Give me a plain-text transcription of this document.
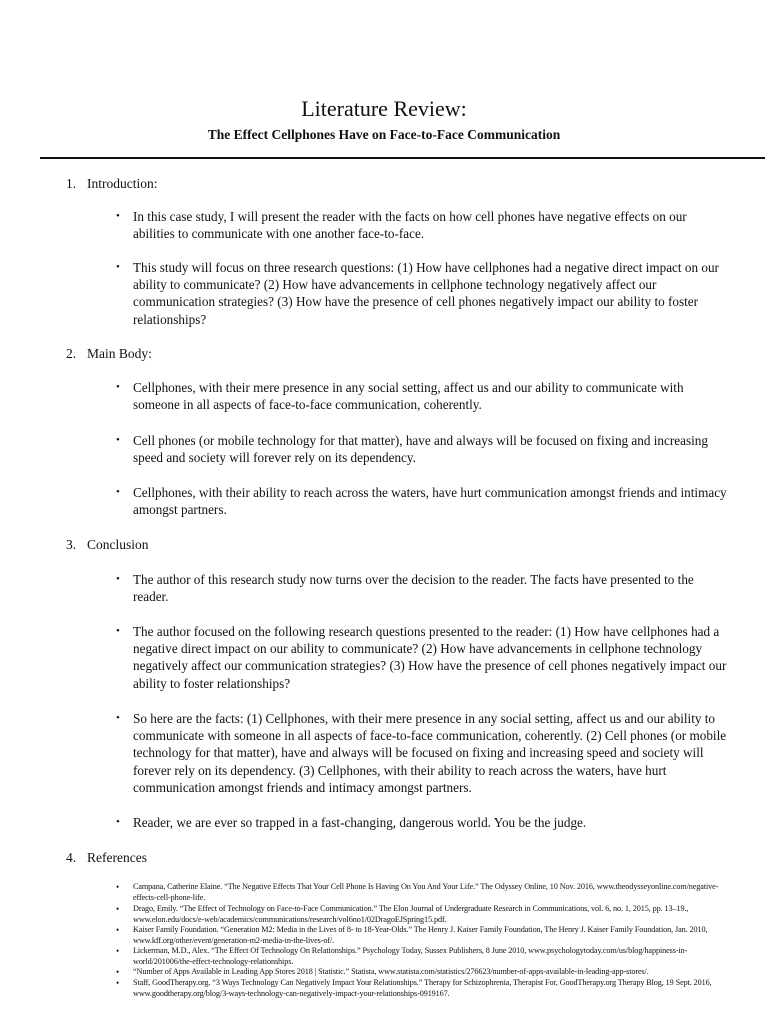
Literature Review:
The Effect Cellphones Have on Face-to-Face Communication
1. Introduction:
• In this case study, I will present the reader with the facts on how cell phones have negative effects on our abilities to communicate with one another face-to-face.
• This study will focus on three research questions: (1) How have cellphones had a negative direct impact on our ability to communicate? (2) How have advancements in cellphone technology negatively affect our communication strategies? (3) How have the presence of cell phones negatively impact our ability to foster relationships?
2. Main Body:
• Cellphones, with their mere presence in any social setting, affect us and our ability to communicate with someone in all aspects of face-to-face communication, coherently.
• Cell phones (or mobile technology for that matter), have and always will be focused on fixing and increasing speed and society will forever rely on its dependency.
• Cellphones, with their ability to reach across the waters, have hurt communication amongst friends and intimacy amongst partners.
3. Conclusion
• The author of this research study now turns over the decision to the reader. The facts have presented to the reader.
• The author focused on the following research questions presented to the reader: (1) How have cellphones had a negative direct impact on our ability to communicate? (2) How have advancements in cellphone technology negatively affect our communication strategies? (3) How have the presence of cell phones negatively impact our ability to foster relationships?
• So here are the facts: (1) Cellphones, with their mere presence in any social setting, affect us and our ability to communicate with someone in all aspects of face-to-face communication, coherently. (2) Cell phones (or mobile technology for that matter), have and always will be focused on fixing and increasing speed and society will forever rely on its dependency. (3) Cellphones, with their ability to reach across the waters, have hurt communication amongst friends and intimacy amongst partners.
• Reader, we are ever so trapped in a fast-changing, dangerous world. You be the judge.
4. References
• Campana, Catherine Elaine. “The Negative Effects That Your Cell Phone Is Having On You And Your Life.” The Odyssey Online, 10 Nov. 2016, www.theodysseyonline.com/negative-effects-cell-phone-life.
• Drago, Emily. “The Effect of Technology on Face-to-Face Communication.” The Elon Journal of Undergraduate Research in Communications, vol. 6, no. 1, 2015, pp. 13–19., www.elon.edu/docs/e-web/academics/communications/research/vol6no1/02DragoEJSpring15.pdf.
• Kaiser Family Foundation. “Generation M2: Media in the Lives of 8- to 18-Year-Olds.” The Henry J. Kaiser Family Foundation, The Henry J. Kaiser Family Foundation, Jan. 2010, www.kff.org/other/event/generation-m2-media-in-the-lives-of/.
• Lickerman, M.D., Alex. “The Effect Of Technology On Relationships.” Psychology Today, Sussex Publishers, 8 June 2010, www.psychologytoday.com/us/blog/happiness-in-world/201006/the-effect-technology-relationships.
• “Number of Apps Available in Leading App Stores 2018 | Statistic.” Statista, www.statista.com/statistics/276623/number-of-apps-available-in-leading-app-stores/.
• Staff, GoodTherapy.org. “3 Ways Technology Can Negatively Impact Your Relationships.” Therapy for Schizophrenia, Therapist For, GoodTherapy.org Therapy Blog, 19 Sept. 2016, www.goodtherapy.org/blog/3-ways-technology-can-negatively-impact-your-relationships-0919167.
